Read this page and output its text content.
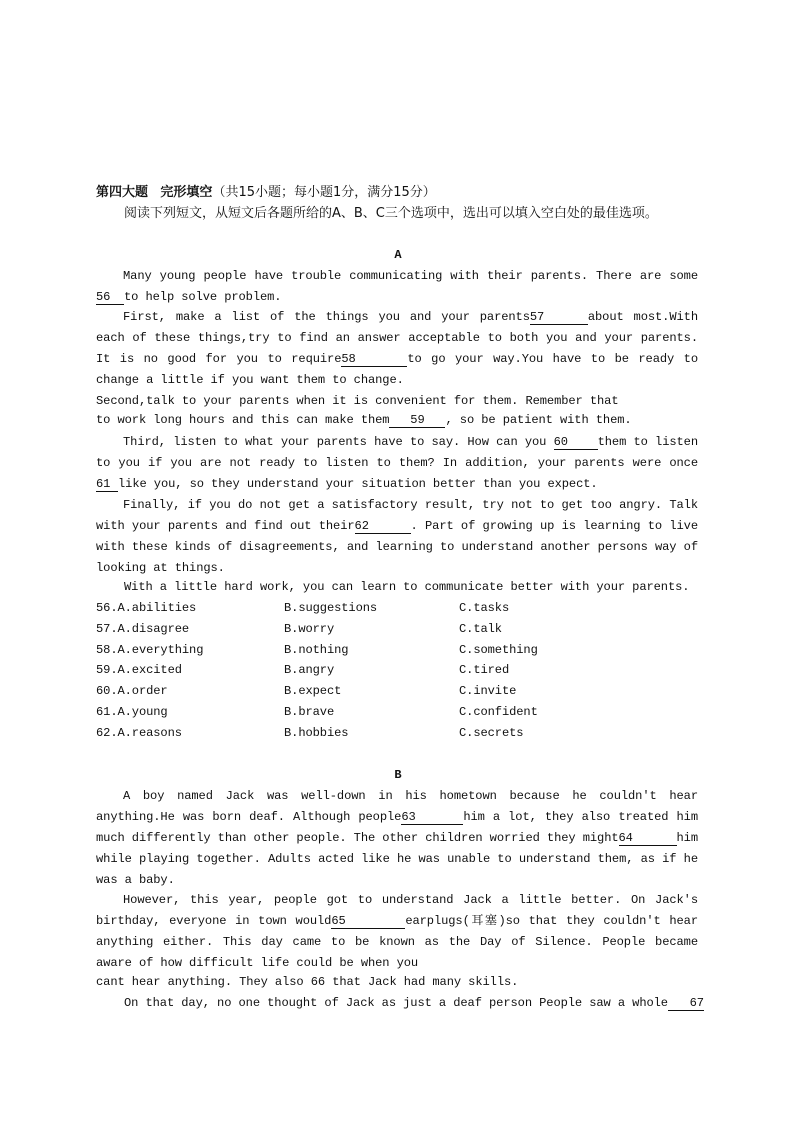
第四大题 完形填空（共15小题；每小题1分，满分15分）
阅读下列短文，从短文后各题所给的A、B、C三个选项中，选出可以填入空白处的最佳选项。
A
Many young people have trouble communicating with their parents. There are some 56 to help solve problem.
First, make a list of the things you and your parents57	about most.With each of these things,try to find an answer acceptable to both you and your parents. It is no good for you to require58	to go your way.You have to be ready to change a little if you want them to change.
Second,talk to your parents when it is convenient for them. Remember that
to work long hours and this can make them 59 , so be patient with them.
Third, listen to what your parents have to say. How can you 60 them to listen to you if you are not ready to listen to them? In addition, your parents were once 61 like you, so they understand your situation better than you expect.
Finally, if you do not get a satisfactory result, try not to get too angry. Talk with your parents and find out their62	. Part of growing up is learning to live with these kinds of disagreements, and learning to understand another persons way of looking at things.
With a little hard work, you can learn to communicate better with your parents.
56.A.abilities	B.suggestions	C.tasks
57.A.disagree	B.worry	C.talk
58.A.everything	B.nothing	C.something
59.A.excited	B.angry	C.tired
60.A.order	B.expect	C.invite
61.A.young	B.brave	C.confident
62.A.reasons	B.hobbies	C.secrets
B
A boy named Jack was well-down in his hometown because he couldn't hear anything.He was born deaf. Although people63	him a lot, they also treated him much differently than other people. The other children worried they might64	him while playing together. Adults acted like he was unable to understand them, as if he was a baby.
However, this year, people got to understand Jack a little better. On Jack's birthday, everyone in town would65	earplugs(耳塞)so that they couldn't hear anything either. This day came to be known as the Day of Silence. People became aware of how difficult life could be when you
cant hear anything. They also 66 that Jack had many skills.
On that day, no one thought of Jack as just a deaf person People saw a whole 67
